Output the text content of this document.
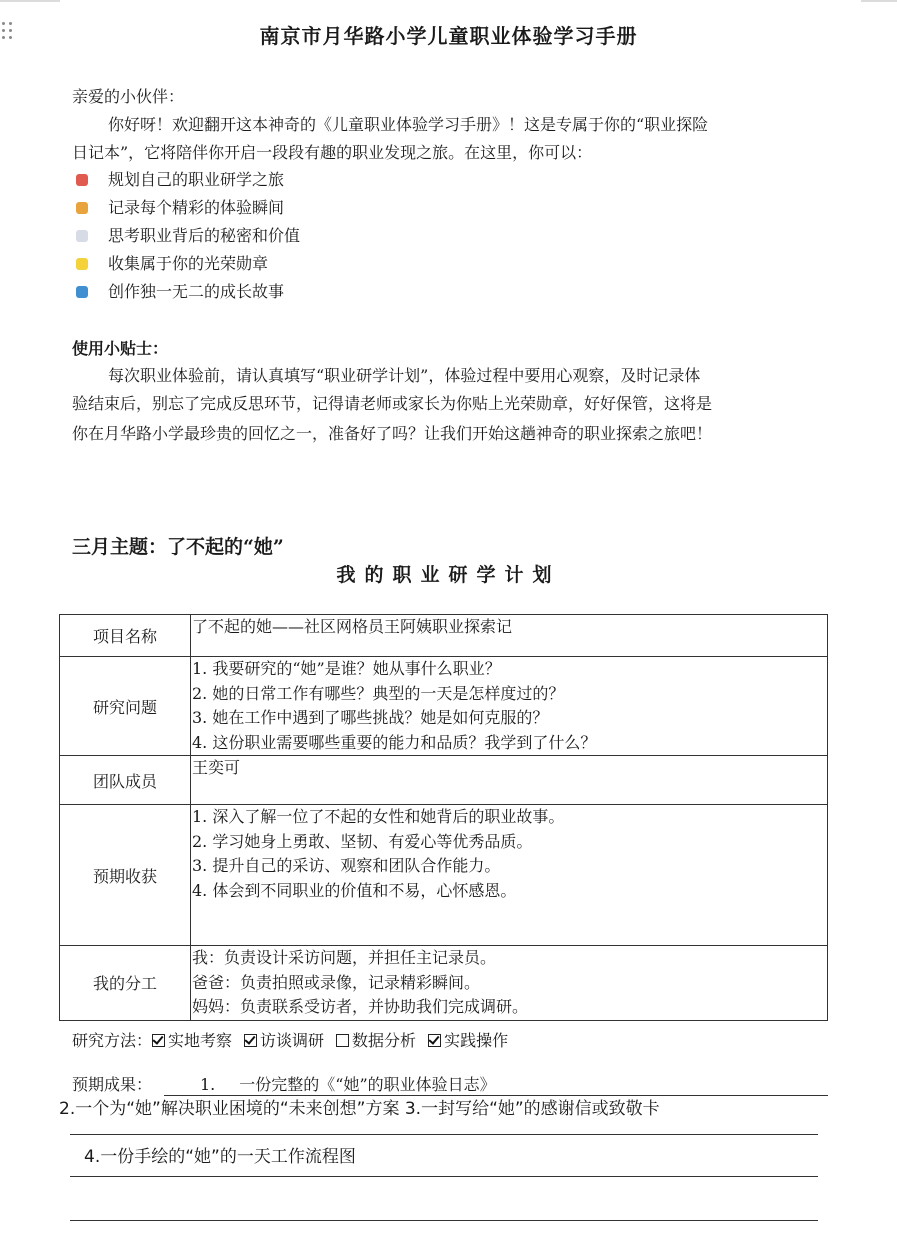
南京市月华路小学儿童职业体验学习手册
亲爱的小伙伴：
你好呀！欢迎翻开这本神奇的《儿童职业体验学习手册》！这是专属于你的“职业探险
日记本”，它将陪伴你开启一段段有趣的职业发现之旅。在这里，你可以：
规划自己的职业研学之旅
记录每个精彩的体验瞬间
思考职业背后的秘密和价值
收集属于你的光荣勋章
创作独一无二的成长故事
使用小贴士：
每次职业体验前，请认真填写“职业研学计划”，体验过程中要用心观察，及时记录体
验结束后，别忘了完成反思环节，记得请老师或家长为你贴上光荣勋章，好好保管，这将是
你在月华路小学最珍贵的回忆之一，准备好了吗？让我们开始这趟神奇的职业探索之旅吧！
三月主题：了不起的“她”
我的职业研学计划
项目名称	了不起的她——社区网格员王阿姨职业探索记

研究问题	1. 我要研究的“她”是谁？她从事什么职业？
2. 她的日常工作有哪些？典型的一天是怎样度过的？
3. 她在工作中遇到了哪些挑战？她是如何克服的？
4. 这份职业需要哪些重要的能力和品质？我学到了什么？

团队成员	王奕可

预期收获	1. 深入了解一位了不起的女性和她背后的职业故事。
2. 学习她身上勇敢、坚韧、有爱心等优秀品质。
3. 提升自己的采访、观察和团队合作能力。
4. 体会到不同职业的价值和不易，心怀感恩。

我的分工	我：负责设计采访问题，并担任主记录员。
爸爸：负责拍照或录像，记录精彩瞬间。
妈妈：负责联系受访者，并协助我们完成调研。
研究方法： 实地考察 访谈调研 数据分析 实践操作
预期成果：	1. 一份完整的《“她”的职业体验日志》
2.一个为“她”解决职业困境的“未来创想”方案 3.一封写给“她”的感谢信或致敬卡
4.一份手绘的“她”的一天工作流程图
